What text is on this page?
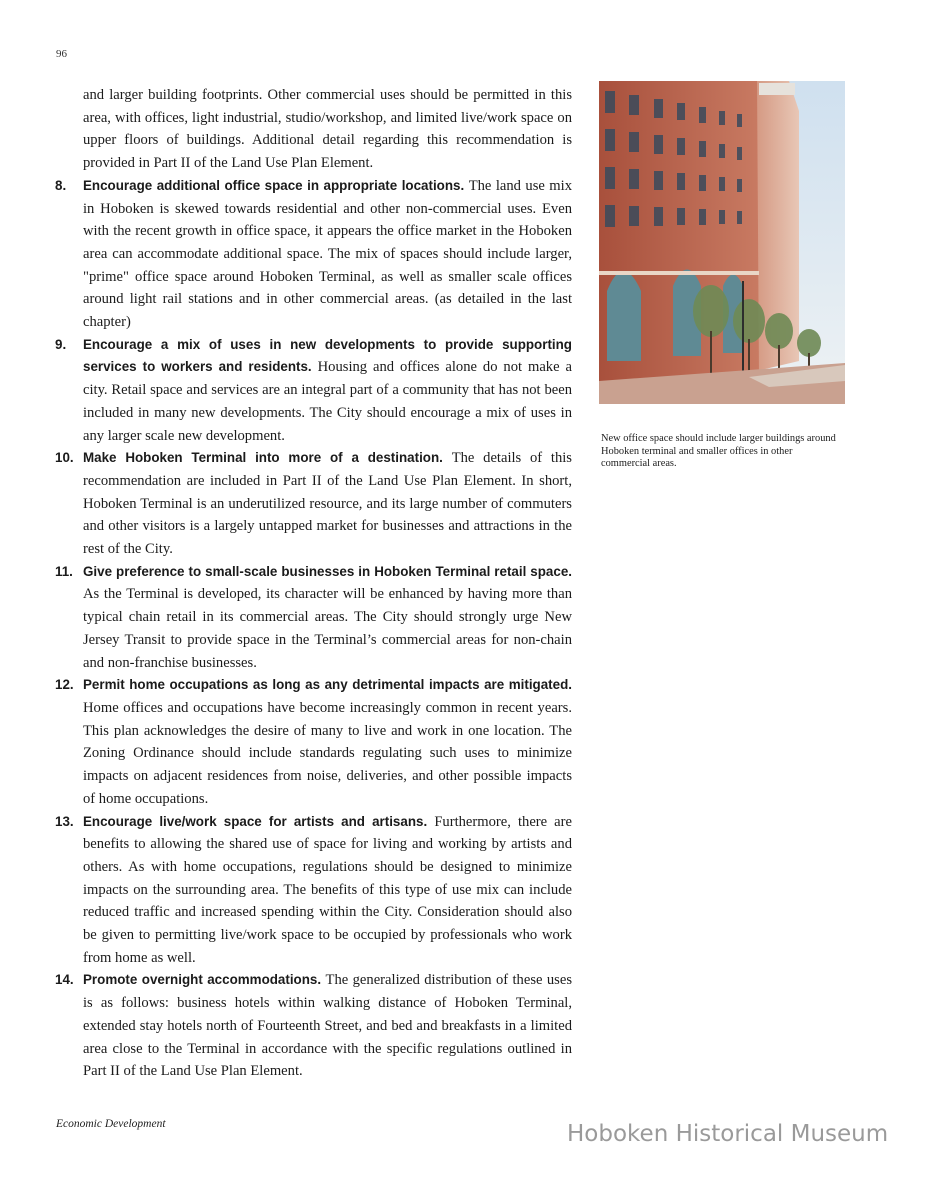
96

and larger building footprints. Other commercial uses should be permitted in this area, with offices, light industrial, studio/workshop, and limited live/work space on upper floors of buildings. Additional detail regarding this recommendation is provided in Part II of the Land Use Plan Element.

8. Encourage additional office space in appropriate locations. The land use mix in Hoboken is skewed towards residential and other non-commercial uses. Even with the recent growth in office space, it appears the office market in the Hoboken area can accommodate additional space. The mix of spaces should include larger, "prime" office space around Hoboken Terminal, as well as smaller scale offices around light rail stations and in other commercial areas. (as detailed in the last chapter)

9. Encourage a mix of uses in new developments to provide supporting services to workers and residents. Housing and offices alone do not make a city. Retail space and services are an integral part of a community that has not been included in many new developments. The City should encourage a mix of uses in any larger scale new development.

10. Make Hoboken Terminal into more of a destination. The details of this recommendation are included in Part II of the Land Use Plan Element. In short, Hoboken Terminal is an underutilized resource, and its large number of commuters and other visitors is a largely untapped market for businesses and attractions in the rest of the City.

11. Give preference to small-scale businesses in Hoboken Terminal retail space. As the Terminal is developed, its character will be enhanced by having more than typical chain retail in its commercial areas. The City should strongly urge New Jersey Transit to provide space in the Terminal’s commercial areas for non-chain and non-franchise businesses.

12. Permit home occupations as long as any detrimental impacts are mitigated. Home offices and occupations have become increasingly common in recent years. This plan acknowledges the desire of many to live and work in one location. The Zoning Ordinance should include standards regulating such uses to minimize impacts on adjacent residences from noise, deliveries, and other possible impacts of home occupations.

13. Encourage live/work space for artists and artisans. Furthermore, there are benefits to allowing the shared use of space for living and working by artists and others. As with home occupations, regulations should be designed to minimize impacts on the surrounding area. The benefits of this type of use mix can include reduced traffic and increased spending within the City. Consideration should also be given to permitting live/work space to be occupied by professionals who work from home as well.

14. Promote overnight accommodations. The generalized distribution of these uses is as follows: business hotels within walking distance of Hoboken Terminal, extended stay hotels north of Fourteenth Street, and bed and breakfasts in a limited area close to the Terminal in accordance with the specific regulations outlined in Part II of the Land Use Plan Element.

New office space should include larger buildings around Hoboken terminal and smaller offices in other commercial areas.
Economic Development	Hoboken Historical Museum
